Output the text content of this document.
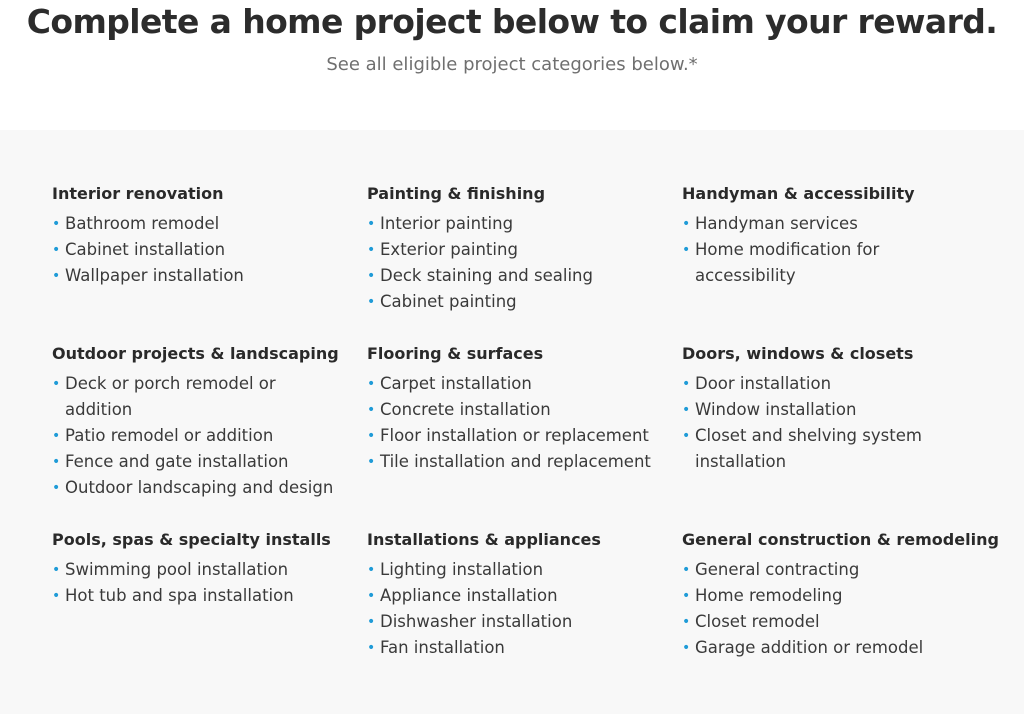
Complete a home project below to claim your reward.

See all eligible project categories below.*

Interior renovation
• Bathroom remodel
• Cabinet installation
• Wallpaper installation
Painting & finishing
• Interior painting
• Exterior painting
• Deck staining and sealing
• Cabinet painting
Handyman & accessibility
• Handyman services
• Home modification for accessibility
Outdoor projects & landscaping
• Deck or porch remodel or addition
• Patio remodel or addition
• Fence and gate installation
• Outdoor landscaping and design
Flooring & surfaces
• Carpet installation
• Concrete installation
• Floor installation or replacement
• Tile installation and replacement
Doors, windows & closets
• Door installation
• Window installation
• Closet and shelving system installation
Pools, spas & specialty installs
• Swimming pool installation
• Hot tub and spa installation
Installations & appliances
• Lighting installation
• Appliance installation
• Dishwasher installation
• Fan installation
General construction & remodeling
• General contracting
• Home remodeling
• Closet remodel
• Garage addition or remodel
